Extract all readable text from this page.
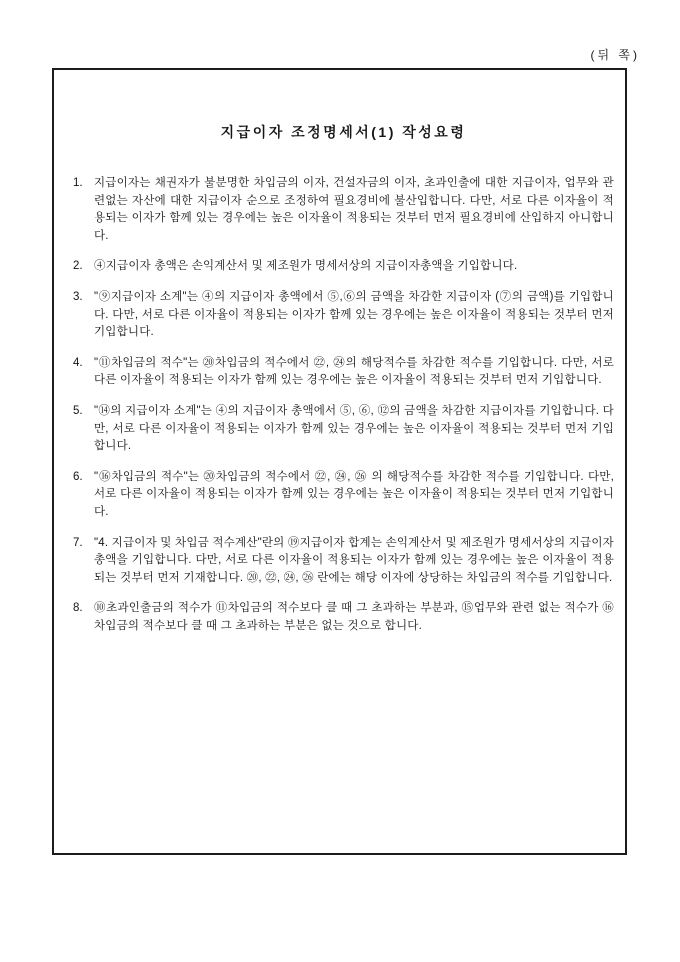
(뒤 쪽)
지급이자 조정명세서(1) 작성요령
1. 지급이자는 채권자가 불분명한 차입금의 이자, 건설자금의 이자, 초과인출에 대한 지급이자, 업무와 관련없는 자산에 대한 지급이자 순으로 조정하여 필요경비에 불산입합니다. 다만, 서로 다른 이자율이 적용되는 이자가 함께 있는 경우에는 높은 이자율이 적용되는 것부터 먼저 필요경비에 산입하지 아니합니다.
2. ④지급이자 총액은 손익계산서 및 제조원가 명세서상의 지급이자총액을 기입합니다.
3. "⑨지급이자 소계"는 ④의 지급이자 총액에서 ⑤,⑥의 금액을 차감한 지급이자 (⑦의 금액)를 기입합니다. 다만, 서로 다른 이자율이 적용되는 이자가 함께 있는 경우에는 높은 이자율이 적용되는 것부터 먼저 기입합니다.
4. "⑪차입금의 적수"는 ⑳차입금의 적수에서 ㉒, ㉔의 해당적수를 차감한 적수를 기입합니다. 다만, 서로 다른 이자율이 적용되는 이자가 함께 있는 경우에는 높은 이자율이 적용되는 것부터 먼저 기입합니다.
5. "⑭의 지급이자 소계"는 ④의 지급이자 총액에서 ⑤, ⑥, ⑫의 금액을 차감한 지급이자를 기입합니다. 다만, 서로 다른 이자율이 적용되는 이자가 함께 있는 경우에는 높은 이자율이 적용되는 것부터 먼저 기입합니다.
6. "⑯차입금의 적수"는 ⑳차입금의 적수에서 ㉒, ㉔, ㉖ 의 해당적수를 차감한 적수를 기입합니다. 다만, 서로 다른 이자율이 적용되는 이자가 함께 있는 경우에는 높은 이자율이 적용되는 것부터 먼저 기입합니다.
7. "4. 지급이자 및 차입금 적수계산"란의 ⑲지급이자 합계는 손익계산서 및 제조원가 명세서상의 지급이자총액을 기입합니다. 다만, 서로 다른 이자율이 적용되는 이자가 함께 있는 경우에는 높은 이자율이 적용되는 것부터 먼저 기재합니다. ⑳, ㉒, ㉔, ㉖ 란에는 해당 이자에 상당하는 차입금의 적수를 기입합니다.
8. ⑩초과인출금의 적수가 ⑪차입금의 적수보다 클 때 그 초과하는 부분과, ⑮업무와 관련 없는 적수가 ⑯차입금의 적수보다 클 때 그 초과하는 부분은 없는 것으로 합니다.
